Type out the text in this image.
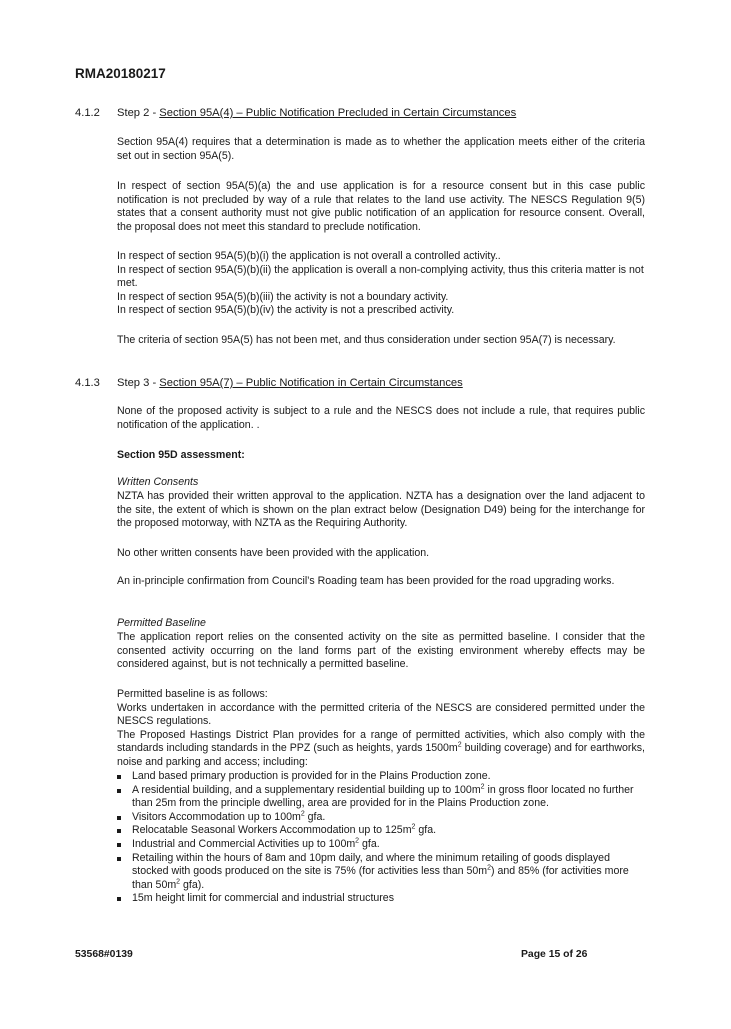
RMA20180217
4.1.2 Step 2 - Section 95A(4) – Public Notification Precluded in Certain Circumstances

Section 95A(4) requires that a determination is made as to whether the application meets either of the criteria set out in section 95A(5).

In respect of section 95A(5)(a) the and use application is for a resource consent but in this case public notification is not precluded by way of a rule that relates to the land use activity. The NESCS Regulation 9(5) states that a consent authority must not give public notification of an application for resource consent. Overall, the proposal does not meet this standard to preclude notification.

In respect of section 95A(5)(b)(i) the application is not overall a controlled activity..
In respect of section 95A(5)(b)(ii) the application is overall a non-complying activity, thus this criteria matter is not met.
In respect of section 95A(5)(b)(iii) the activity is not a boundary activity.
In respect of section 95A(5)(b)(iv) the activity is not a prescribed activity.

The criteria of section 95A(5) has not been met, and thus consideration under section 95A(7) is necessary.

4.1.3 Step 3 - Section 95A(7) – Public Notification in Certain Circumstances

None of the proposed activity is subject to a rule and the NESCS does not include a rule, that requires public notification of the application. .

Section 95D assessment:

Written Consents

NZTA has provided their written approval to the application. NZTA has a designation over the land adjacent to the site, the extent of which is shown on the plan extract below (Designation D49) being for the interchange for the proposed motorway, with NZTA as the Requiring Authority.

No other written consents have been provided with the application.

An in-principle confirmation from Council’s Roading team has been provided for the road upgrading works.

Permitted Baseline

The application report relies on the consented activity on the site as permitted baseline. I consider that the consented activity occurring on the land forms part of the existing environment whereby effects may be considered against, but is not technically a permitted baseline.

Permitted baseline is as follows:
Works undertaken in accordance with the permitted criteria of the NESCS are considered permitted under the NESCS regulations.
The Proposed Hastings District Plan provides for a range of permitted activities, which also comply with the standards including standards in the PPZ (such as heights, yards $1500m^2$ building coverage) and for earthworks, noise and parking and access; including:
Land based primary production is provided for in the Plains Production zone.
A residential building, and a supplementary residential building up to $100m^2$ in gross floor located no further than 25m from the principle dwelling, area are provided for in the Plains Production zone.
Visitors Accommodation up to $100m^2$ gfa.
Relocatable Seasonal Workers Accommodation up to $125m^2$ gfa.
Industrial and Commercial Activities up to $100m^2$ gfa.
Retailing within the hours of 8am and 10pm daily, and where the minimum retailing of goods displayed stocked with goods produced on the site is 75% (for activities less than $50m^2$) and 85% (for activities more than $50m^2$ gfa).
15m height limit for commercial and industrial structures
53568#0139	Page 15 of 26
